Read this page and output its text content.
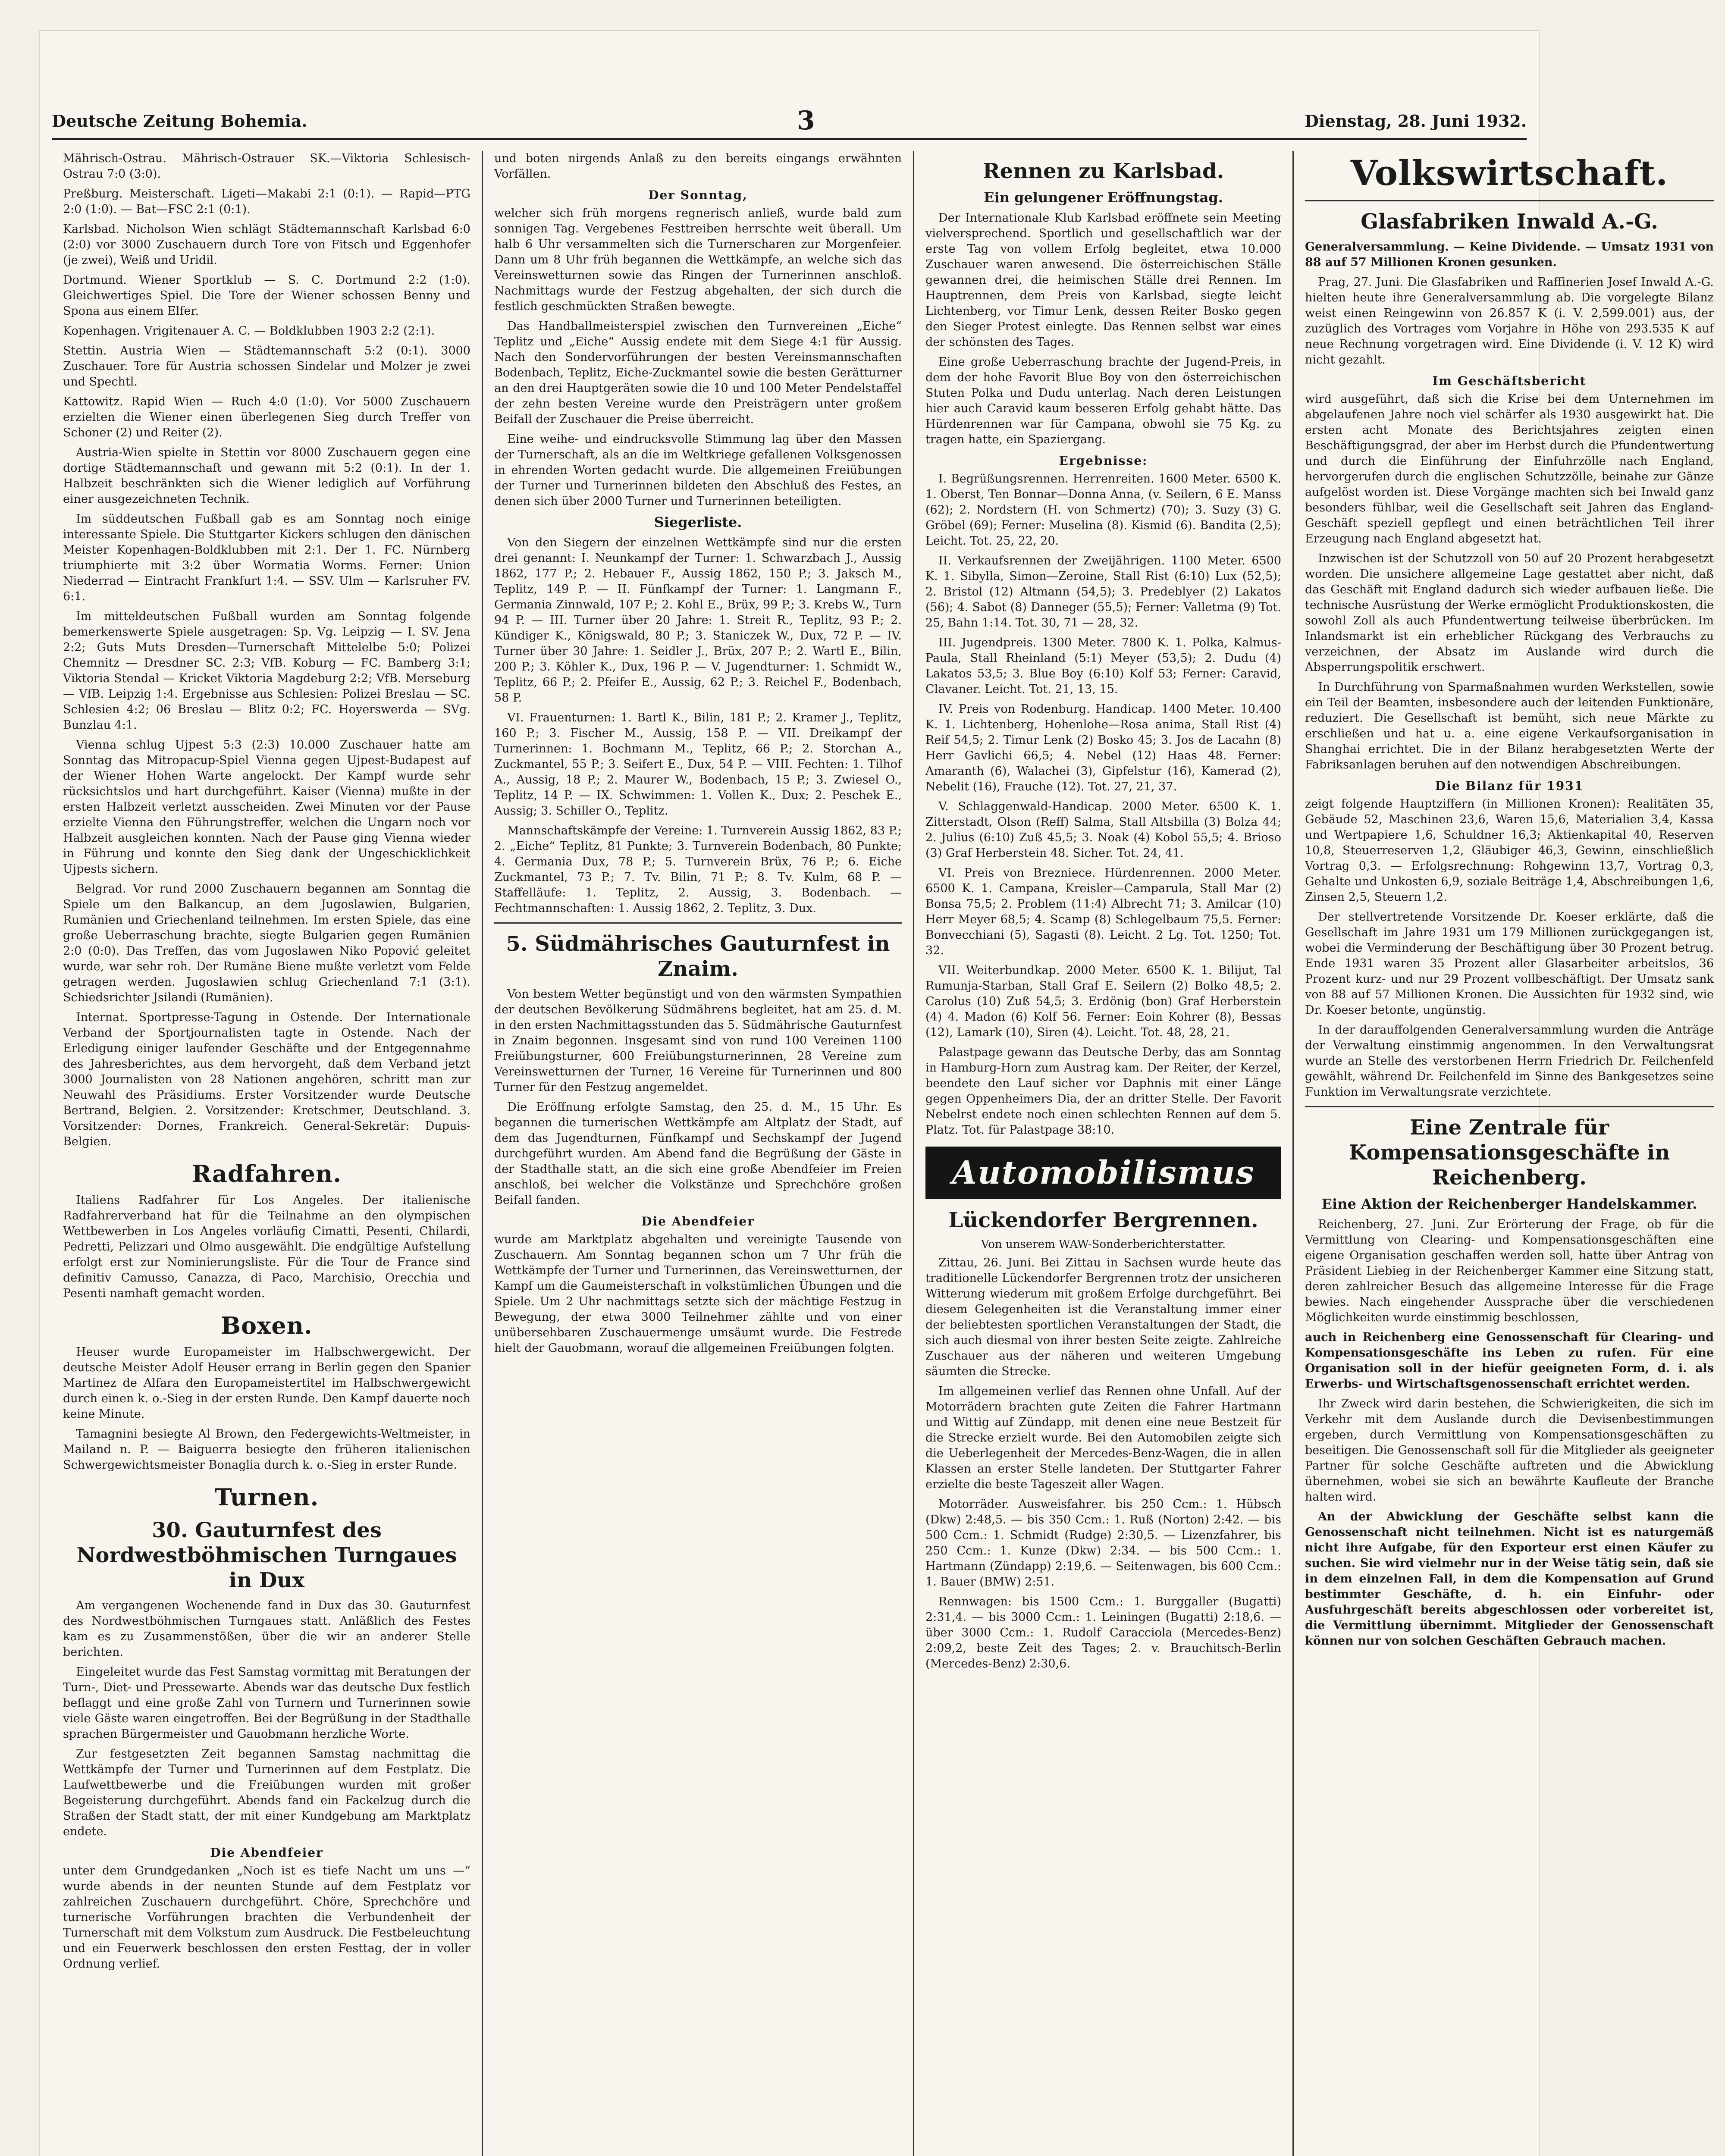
Deutsche Zeitung Bohemia.	3	Dienstag, 28. Juni 1932.

Mährisch-Ostrau. Mährisch-Ostrauer SK.—Viktoria Schlesisch-Ostrau 7:0 (3:0).

Preßburg. Meisterschaft. Ligeti—Makabi 2:1 (0:1). — Rapid—PTG 2:0 (1:0). — Bat—FSC 2:1 (0:1).

Karlsbad. Nicholson Wien schlägt Städtemannschaft Karlsbad 6:0 (2:0) vor 3000 Zuschauern durch Tore von Fitsch und Eggenhofer (je zwei), Weiß und Uridil.

Dortmund. Wiener Sportklub — S. C. Dortmund 2:2 (1:0). Gleichwertiges Spiel. Die Tore der Wiener schossen Benny und Spona aus einem Elfer.

Kopenhagen. Vrigitenauer A. C. — Boldklubben 1903 2:2 (2:1).

Stettin. Austria Wien — Städtemannschaft 5:2 (0:1). 3000 Zuschauer. Tore für Austria schossen Sindelar und Molzer je zwei und Spechtl.

Kattowitz. Rapid Wien — Ruch 4:0 (1:0). Vor 5000 Zuschauern erzielten die Wiener einen überlegenen Sieg durch Treffer von Schoner (2) und Reiter (2).

Austria-Wien spielte in Stettin vor 8000 Zuschauern gegen eine dortige Städtemannschaft und gewann mit 5:2 (0:1). In der 1. Halbzeit beschränkten sich die Wiener lediglich auf Vorführung einer ausgezeichneten Technik.

Im süddeutschen Fußball gab es am Sonntag noch einige interessante Spiele. Die Stuttgarter Kickers schlugen den dänischen Meister Kopenhagen-Boldklubben mit 2:1. Der 1. FC. Nürnberg triumphierte mit 3:2 über Wormatia Worms. Ferner: Union Niederrad — Eintracht Frankfurt 1:4. — SSV. Ulm — Karlsruher FV. 6:1.

Im mitteldeutschen Fußball wurden am Sonntag folgende bemerkenswerte Spiele ausgetragen: Sp. Vg. Leipzig — I. SV. Jena 2:2; Guts Muts Dresden—Turnerschaft Mittelelbe 5:0; Polizei Chemnitz — Dresdner SC. 2:3; VfB. Koburg — FC. Bamberg 3:1; Viktoria Stendal — Kricket Viktoria Magdeburg 2:2; VfB. Merseburg — VfB. Leipzig 1:4. Ergebnisse aus Schlesien: Polizei Breslau — SC. Schlesien 4:2; 06 Breslau — Blitz 0:2; FC. Hoyerswerda — SVg. Bunzlau 4:1.

Vienna schlug Ujpest 5:3 (2:3) 10.000 Zuschauer hatte am Sonntag das Mitropacup-Spiel Vienna gegen Ujpest-Budapest auf der Wiener Hohen Warte angelockt. Der Kampf wurde sehr rücksichtslos und hart durchgeführt. Kaiser (Vienna) mußte in der ersten Halbzeit verletzt ausscheiden. Zwei Minuten vor der Pause erzielte Vienna den Führungstreffer, welchen die Ungarn noch vor Halbzeit ausgleichen konnten. Nach der Pause ging Vienna wieder in Führung und konnte den Sieg dank der Ungeschicklichkeit Ujpests sichern.

Belgrad. Vor rund 2000 Zuschauern begannen am Sonntag die Spiele um den Balkancup, an dem Jugoslawien, Bulgarien, Rumänien und Griechenland teilnehmen. Im ersten Spiele, das eine große Ueberraschung brachte, siegte Bulgarien gegen Rumänien 2:0 (0:0). Das Treffen, das vom Jugoslawen Niko Popović geleitet wurde, war sehr roh. Der Rumäne Biene mußte verletzt vom Felde getragen werden. Jugoslawien schlug Griechenland 7:1 (3:1). Schiedsrichter Jsilandi (Rumänien).

Internat. Sportpresse-Tagung in Ostende. Der Internationale Verband der Sportjournalisten tagte in Ostende. Nach der Erledigung einiger laufender Geschäfte und der Entgegennahme des Jahresberichtes, aus dem hervorgeht, daß dem Verband jetzt 3000 Journalisten von 28 Nationen angehören, schritt man zur Neuwahl des Präsidiums. Erster Vorsitzender wurde Deutsche Bertrand, Belgien. 2. Vorsitzender: Kretschmer, Deutschland. 3. Vorsitzender: Dornes, Frankreich. General-Sekretär: Dupuis-Belgien.

Radfahren.

Italiens Radfahrer für Los Angeles. Der italienische Radfahrerverband hat für die Teilnahme an den olympischen Wettbewerben in Los Angeles vorläufig Cimatti, Pesenti, Chilardi, Pedretti, Pelizzari und Olmo ausgewählt. Die endgültige Aufstellung erfolgt erst zur Nominierungsliste. Für die Tour de France sind definitiv Camusso, Canazza, di Paco, Marchisio, Orecchia und Pesenti namhaft gemacht worden.

Boxen.

Heuser wurde Europameister im Halbschwergewicht. Der deutsche Meister Adolf Heuser errang in Berlin gegen den Spanier Martinez de Alfara den Europameistertitel im Halbschwergewicht durch einen k. o.-Sieg in der ersten Runde. Den Kampf dauerte noch keine Minute.

Tamagnini besiegte Al Brown, den Federgewichts-Weltmeister, in Mailand n. P. — Baiguerra besiegte den früheren italienischen Schwergewichtsmeister Bonaglia durch k. o.-Sieg in erster Runde.

Turnen.
30. Gauturnfest des Nordwestböhmischen Turngaues in Dux

Am vergangenen Wochenende fand in Dux das 30. Gauturnfest des Nordwestböhmischen Turngaues statt. Anläßlich des Festes kam es zu Zusammenstößen, über die wir an anderer Stelle berichten.

Eingeleitet wurde das Fest Samstag vormittag mit Beratungen der Turn-, Diet- und Pressewarte. Abends war das deutsche Dux festlich beflaggt und eine große Zahl von Turnern und Turnerinnen sowie viele Gäste waren eingetroffen. Bei der Begrüßung in der Stadthalle sprachen Bürgermeister und Gauobmann herzliche Worte.

Zur festgesetzten Zeit begannen Samstag nachmittag die Wettkämpfe der Turner und Turnerinnen auf dem Festplatz. Die Laufwettbewerbe und die Freiübungen wurden mit großer Begeisterung durchgeführt. Abends fand ein Fackelzug durch die Straßen der Stadt statt, der mit einer Kundgebung am Marktplatz endete.

Die Abendfeier

unter dem Grundgedanken „Noch ist es tiefe Nacht um uns —“ wurde abends in der neunten Stunde auf dem Festplatz vor zahlreichen Zuschauern durchgeführt. Chöre, Sprechchöre und turnerische Vorführungen brachten die Verbundenheit der Turnerschaft mit dem Volkstum zum Ausdruck. Die Festbeleuchtung und ein Feuerwerk beschlossen den ersten Festtag, der in voller Ordnung verlief.

und boten nirgends Anlaß zu den bereits eingangs erwähnten Vorfällen.

Der Sonntag,

welcher sich früh morgens regnerisch anließ, wurde bald zum sonnigen Tag. Vergebenes Festtreiben herrschte weit überall. Um halb 6 Uhr versammelten sich die Turnerscharen zur Morgenfeier. Dann um 8 Uhr früh begannen die Wettkämpfe, an welche sich das Vereinswetturnen sowie das Ringen der Turnerinnen anschloß. Nachmittags wurde der Festzug abgehalten, der sich durch die festlich geschmückten Straßen bewegte.

Das Handballmeisterspiel zwischen den Turnvereinen „Eiche“ Teplitz und „Eiche“ Aussig endete mit dem Siege 4:1 für Aussig. Nach den Sondervorführungen der besten Vereinsmannschaften Bodenbach, Teplitz, Eiche-Zuckmantel sowie die besten Gerätturner an den drei Hauptgeräten sowie die 10 und 100 Meter Pendelstaffel der zehn besten Vereine wurde den Preisträgern unter großem Beifall der Zuschauer die Preise überreicht.

Eine weihe- und eindrucksvolle Stimmung lag über den Massen der Turnerschaft, als an die im Weltkriege gefallenen Volksgenossen in ehrenden Worten gedacht wurde. Die allgemeinen Freiübungen der Turner und Turnerinnen bildeten den Abschluß des Festes, an denen sich über 2000 Turner und Turnerinnen beteiligten.

Siegerliste.

Von den Siegern der einzelnen Wettkämpfe sind nur die ersten drei genannt: I. Neunkampf der Turner: 1. Schwarzbach J., Aussig 1862, 177 P.; 2. Hebauer F., Aussig 1862, 150 P.; 3. Jaksch M., Teplitz, 149 P. — II. Fünfkampf der Turner: 1. Langmann F., Germania Zinnwald, 107 P.; 2. Kohl E., Brüx, 99 P.; 3. Krebs W., Turn 94 P. — III. Turner über 20 Jahre: 1. Streit R., Teplitz, 93 P.; 2. Kündiger K., Königswald, 80 P.; 3. Staniczek W., Dux, 72 P. — IV. Turner über 30 Jahre: 1. Seidler J., Brüx, 207 P.; 2. Wartl E., Bilin, 200 P.; 3. Köhler K., Dux, 196 P. — V. Jugendturner: 1. Schmidt W., Teplitz, 66 P.; 2. Pfeifer E., Aussig, 62 P.; 3. Reichel F., Bodenbach, 58 P.

VI. Frauenturnen: 1. Bartl K., Bilin, 181 P.; 2. Kramer J., Teplitz, 160 P.; 3. Fischer M., Aussig, 158 P. — VII. Dreikampf der Turnerinnen: 1. Bochmann M., Teplitz, 66 P.; 2. Storchan A., Zuckmantel, 55 P.; 3. Seifert E., Dux, 54 P. — VIII. Fechten: 1. Tilhof A., Aussig, 18 P.; 2. Maurer W., Bodenbach, 15 P.; 3. Zwiesel O., Teplitz, 14 P. — IX. Schwimmen: 1. Vollen K., Dux; 2. Peschek E., Aussig; 3. Schiller O., Teplitz.

Mannschaftskämpfe der Vereine: 1. Turnverein Aussig 1862, 83 P.; 2. „Eiche“ Teplitz, 81 Punkte; 3. Turnverein Bodenbach, 80 Punkte; 4. Germania Dux, 78 P.; 5. Turnverein Brüx, 76 P.; 6. Eiche Zuckmantel, 73 P.; 7. Tv. Bilin, 71 P.; 8. Tv. Kulm, 68 P. — Staffelläufe: 1. Teplitz, 2. Aussig, 3. Bodenbach. — Fechtmannschaften: 1. Aussig 1862, 2. Teplitz, 3. Dux.

5. Südmährisches Gauturnfest in Znaim.

Von bestem Wetter begünstigt und von den wärmsten Sympathien der deutschen Bevölkerung Südmährens begleitet, hat am 25. d. M. in den ersten Nachmittagsstunden das 5. Südmährische Gauturnfest in Znaim begonnen. Insgesamt sind von rund 100 Vereinen 1100 Freiübungsturner, 600 Freiübungsturnerinnen, 28 Vereine zum Vereinswetturnen der Turner, 16 Vereine für Turnerinnen und 800 Turner für den Festzug angemeldet.

Die Eröffnung erfolgte Samstag, den 25. d. M., 15 Uhr. Es begannen die turnerischen Wettkämpfe am Altplatz der Stadt, auf dem das Jugendturnen, Fünfkampf und Sechskampf der Jugend durchgeführt wurden. Am Abend fand die Begrüßung der Gäste in der Stadthalle statt, an die sich eine große Abendfeier im Freien anschloß, bei welcher die Volkstänze und Sprechchöre großen Beifall fanden.

Die Abendfeier

wurde am Marktplatz abgehalten und vereinigte Tausende von Zuschauern. Am Sonntag begannen schon um 7 Uhr früh die Wettkämpfe der Turner und Turnerinnen, das Vereinswetturnen, der Kampf um die Gaumeisterschaft in volkstümlichen Übungen und die Spiele. Um 2 Uhr nachmittags setzte sich der mächtige Festzug in Bewegung, der etwa 3000 Teilnehmer zählte und von einer unübersehbaren Zuschauermenge umsäumt wurde. Die Festrede hielt der Gauobmann, worauf die allgemeinen Freiübungen folgten.

Rennen zu Karlsbad.
Ein gelungener Eröffnungstag.

Der Internationale Klub Karlsbad eröffnete sein Meeting vielversprechend. Sportlich und gesellschaftlich war der erste Tag von vollem Erfolg begleitet, etwa 10.000 Zuschauer waren anwesend. Die österreichischen Ställe gewannen drei, die heimischen Ställe drei Rennen. Im Hauptrennen, dem Preis von Karlsbad, siegte leicht Lichtenberg, vor Timur Lenk, dessen Reiter Bosko gegen den Sieger Protest einlegte. Das Rennen selbst war eines der schönsten des Tages.

Eine große Ueberraschung brachte der Jugend-Preis, in dem der hohe Favorit Blue Boy von den österreichischen Stuten Polka und Dudu unterlag. Nach deren Leistungen hier auch Caravid kaum besseren Erfolg gehabt hätte. Das Hürdenrennen war für Campana, obwohl sie 75 Kg. zu tragen hatte, ein Spaziergang.

Ergebnisse:

I. Begrüßungsrennen. Herrenreiten. 1600 Meter. 6500 K. 1. Oberst, Ten Bonnar—Donna Anna, (v. Seilern, 6 E. Manss (62); 2. Nordstern (H. von Schmertz) (70); 3. Suzy (3) G. Gröbel (69); Ferner: Muselina (8). Kismid (6). Bandita (2,5); Leicht. Tot. 25, 22, 20.

II. Verkaufsrennen der Zweijährigen. 1100 Meter. 6500 K. 1. Sibylla, Simon—Zeroine, Stall Rist (6:10) Lux (52,5); 2. Bristol (12) Altmann (54,5); 3. Predeblyer (2) Lakatos (56); 4. Sabot (8) Danneger (55,5); Ferner: Valletma (9) Tot. 25, Bahn 1:14. Tot. 30, 71 — 28, 32.

III. Jugendpreis. 1300 Meter. 7800 K. 1. Polka, Kalmus-Paula, Stall Rheinland (5:1) Meyer (53,5); 2. Dudu (4) Lakatos 53,5; 3. Blue Boy (6:10) Kolf 53; Ferner: Caravid, Clavaner. Leicht. Tot. 21, 13, 15.

IV. Preis von Rodenburg. Handicap. 1400 Meter. 10.400 K. 1. Lichtenberg, Hohenlohe—Rosa anima, Stall Rist (4) Reif 54,5; 2. Timur Lenk (2) Bosko 45; 3. Jos de Lacahn (8) Herr Gavlichi 66,5; 4. Nebel (12) Haas 48. Ferner: Amaranth (6), Walachei (3), Gipfelstur (16), Kamerad (2), Nebelit (16), Frauche (12). Tot. 27, 21, 37.

V. Schlaggenwald-Handicap. 2000 Meter. 6500 K. 1. Zitterstadt, Olson (Reff) Salma, Stall Altsbilla (3) Bolza 44; 2. Julius (6:10) Zuß 45,5; 3. Noak (4) Kobol 55,5; 4. Brioso (3) Graf Herberstein 48. Sicher. Tot. 24, 41.

VI. Preis von Brezniece. Hürdenrennen. 2000 Meter. 6500 K. 1. Campana, Kreisler—Camparula, Stall Mar (2) Bonsa 75,5; 2. Problem (11:4) Albrecht 71; 3. Amilcar (10) Herr Meyer 68,5; 4. Scamp (8) Schlegelbaum 75,5. Ferner: Bonvecchiani (5), Sagasti (8). Leicht. 2 Lg. Tot. 1250; Tot. 32.

VII. Weiterbundkap. 2000 Meter. 6500 K. 1. Bilijut, Tal Rumunja-Starban, Stall Graf E. Seilern (2) Bolko 48,5; 2. Carolus (10) Zuß 54,5; 3. Erdönig (bon) Graf Herberstein (4) 4. Madon (6) Kolf 56. Ferner: Eoin Kohrer (8), Bessas (12), Lamark (10), Siren (4). Leicht. Tot. 48, 28, 21.

Palastpage gewann das Deutsche Derby, das am Sonntag in Hamburg-Horn zum Austrag kam. Der Reiter, der Kerzel, beendete den Lauf sicher vor Daphnis mit einer Länge gegen Oppenheimers Dia, der an dritter Stelle. Der Favorit Nebelrst endete noch einen schlechten Rennen auf dem 5. Platz. Tot. für Palastpage 38:10.

Automobilismus
Lückendorfer Bergrennen.
Von unserem WAW-Sonderberichterstatter.

Zittau, 26. Juni. Bei Zittau in Sachsen wurde heute das traditionelle Lückendorfer Bergrennen trotz der unsicheren Witterung wiederum mit großem Erfolge durchgeführt. Bei diesem Gelegenheiten ist die Veranstaltung immer einer der beliebtesten sportlichen Veranstaltungen der Stadt, die sich auch diesmal von ihrer besten Seite zeigte. Zahlreiche Zuschauer aus der näheren und weiteren Umgebung säumten die Strecke.

Im allgemeinen verlief das Rennen ohne Unfall. Auf der Motorrädern brachten gute Zeiten die Fahrer Hartmann und Wittig auf Zündapp, mit denen eine neue Bestzeit für die Strecke erzielt wurde. Bei den Automobilen zeigte sich die Ueberlegenheit der Mercedes-Benz-Wagen, die in allen Klassen an erster Stelle landeten. Der Stuttgarter Fahrer erzielte die beste Tageszeit aller Wagen.

Motorräder. Ausweisfahrer. bis 250 Ccm.: 1. Hübsch (Dkw) 2:48,5. — bis 350 Ccm.: 1. Ruß (Norton) 2:42. — bis 500 Ccm.: 1. Schmidt (Rudge) 2:30,5. — Lizenzfahrer, bis 250 Ccm.: 1. Kunze (Dkw) 2:34. — bis 500 Ccm.: 1. Hartmann (Zündapp) 2:19,6. — Seitenwagen, bis 600 Ccm.: 1. Bauer (BMW) 2:51.

Rennwagen: bis 1500 Ccm.: 1. Burggaller (Bugatti) 2:31,4. — bis 3000 Ccm.: 1. Leiningen (Bugatti) 2:18,6. — über 3000 Ccm.: 1. Rudolf Caracciola (Mercedes-Benz) 2:09,2, beste Zeit des Tages; 2. v. Brauchitsch-Berlin (Mercedes-Benz) 2:30,6.

Volkswirtschaft.
Glasfabriken Inwald A.-G.

Generalversammlung. — Keine Dividende. — Umsatz 1931 von 88 auf 57 Millionen Kronen gesunken.

Prag, 27. Juni. Die Glasfabriken und Raffinerien Josef Inwald A.-G. hielten heute ihre Generalversammlung ab. Die vorgelegte Bilanz weist einen Reingewinn von 26.857 K (i. V. 2,599.001) aus, der zuzüglich des Vortrages vom Vorjahre in Höhe von 293.535 K auf neue Rechnung vorgetragen wird. Eine Dividende (i. V. 12 K) wird nicht gezahlt.

Im Geschäftsbericht

wird ausgeführt, daß sich die Krise bei dem Unternehmen im abgelaufenen Jahre noch viel schärfer als 1930 ausgewirkt hat. Die ersten acht Monate des Berichtsjahres zeigten einen Beschäftigungsgrad, der aber im Herbst durch die Pfundentwertung und durch die Einführung der Einfuhrzölle nach England, hervorgerufen durch die englischen Schutzzölle, beinahe zur Gänze aufgelöst worden ist. Diese Vorgänge machten sich bei Inwald ganz besonders fühlbar, weil die Gesellschaft seit Jahren das England-Geschäft speziell gepflegt und einen beträchtlichen Teil ihrer Erzeugung nach England abgesetzt hat.

Inzwischen ist der Schutzzoll von 50 auf 20 Prozent herabgesetzt worden. Die unsichere allgemeine Lage gestattet aber nicht, daß das Geschäft mit England dadurch sich wieder aufbauen ließe. Die technische Ausrüstung der Werke ermöglicht Produktionskosten, die sowohl Zoll als auch Pfundentwertung teilweise überbrücken. Im Inlandsmarkt ist ein erheblicher Rückgang des Verbrauchs zu verzeichnen, der Absatz im Auslande wird durch die Absperrungspolitik erschwert.

In Durchführung von Sparmaßnahmen wurden Werkstellen, sowie ein Teil der Beamten, insbesondere auch der leitenden Funktionäre, reduziert. Die Gesellschaft ist bemüht, sich neue Märkte zu erschließen und hat u. a. eine eigene Verkaufsorganisation in Shanghai errichtet. Die in der Bilanz herabgesetzten Werte der Fabriksanlagen beruhen auf den notwendigen Abschreibungen.

Die Bilanz für 1931

zeigt folgende Hauptziffern (in Millionen Kronen): Realitäten 35, Gebäude 52, Maschinen 23,6, Waren 15,6, Materialien 3,4, Kassa und Wertpapiere 1,6, Schuldner 16,3; Aktienkapital 40, Reserven 10,8, Steuerreserven 1,2, Gläubiger 46,3, Gewinn, einschließlich Vortrag 0,3. — Erfolgsrechnung: Rohgewinn 13,7, Vortrag 0,3, Gehalte und Unkosten 6,9, soziale Beiträge 1,4, Abschreibungen 1,6, Zinsen 2,5, Steuern 1,2.

Der stellvertretende Vorsitzende Dr. Koeser erklärte, daß die Gesellschaft im Jahre 1931 um 179 Millionen zurückgegangen ist, wobei die Verminderung der Beschäftigung über 30 Prozent betrug. Ende 1931 waren 35 Prozent aller Glasarbeiter arbeitslos, 36 Prozent kurz- und nur 29 Prozent vollbeschäftigt. Der Umsatz sank von 88 auf 57 Millionen Kronen. Die Aussichten für 1932 sind, wie Dr. Koeser betonte, ungünstig.

In der darauffolgenden Generalversammlung wurden die Anträge der Verwaltung einstimmig angenommen. In den Verwaltungsrat wurde an Stelle des verstorbenen Herrn Friedrich Dr. Feilchenfeld gewählt, während Dr. Feilchenfeld im Sinne des Bankgesetzes seine Funktion im Verwaltungsrate verzichtete.

Eine Zentrale für Kompensationsgeschäfte in Reichenberg.
Eine Aktion der Reichenberger Handelskammer.

Reichenberg, 27. Juni. Zur Erörterung der Frage, ob für die Vermittlung von Clearing- und Kompensationsgeschäften eine eigene Organisation geschaffen werden soll, hatte über Antrag von Präsident Liebieg in der Reichenberger Kammer eine Sitzung statt, deren zahlreicher Besuch das allgemeine Interesse für die Frage bewies. Nach eingehender Aussprache über die verschiedenen Möglichkeiten wurde einstimmig beschlossen,

auch in Reichenberg eine Genossenschaft für Clearing- und Kompensationsgeschäfte ins Leben zu rufen. Für eine Organisation soll in der hiefür geeigneten Form, d. i. als Erwerbs- und Wirtschaftsgenossenschaft errichtet werden.

Ihr Zweck wird darin bestehen, die Schwierigkeiten, die sich im Verkehr mit dem Auslande durch die Devisenbestimmungen ergeben, durch Vermittlung von Kompensationsgeschäften zu beseitigen. Die Genossenschaft soll für die Mitglieder als geeigneter Partner für solche Geschäfte auftreten und die Abwicklung übernehmen, wobei sie sich an bewährte Kaufleute der Branche halten wird.

An der Abwicklung der Geschäfte selbst kann die Genossenschaft nicht teilnehmen. Nicht ist es naturgemäß nicht ihre Aufgabe, für den Exporteur erst einen Käufer zu suchen. Sie wird vielmehr nur in der Weise tätig sein, daß sie in dem einzelnen Fall, in dem die Kompensation auf Grund bestimmter Geschäfte, d. h. ein Einfuhr- oder Ausfuhrgeschäft bereits abgeschlossen oder vorbereitet ist, die Vermittlung übernimmt. Mitglieder der Genossenschaft können nur von solchen Geschäften Gebrauch machen.
